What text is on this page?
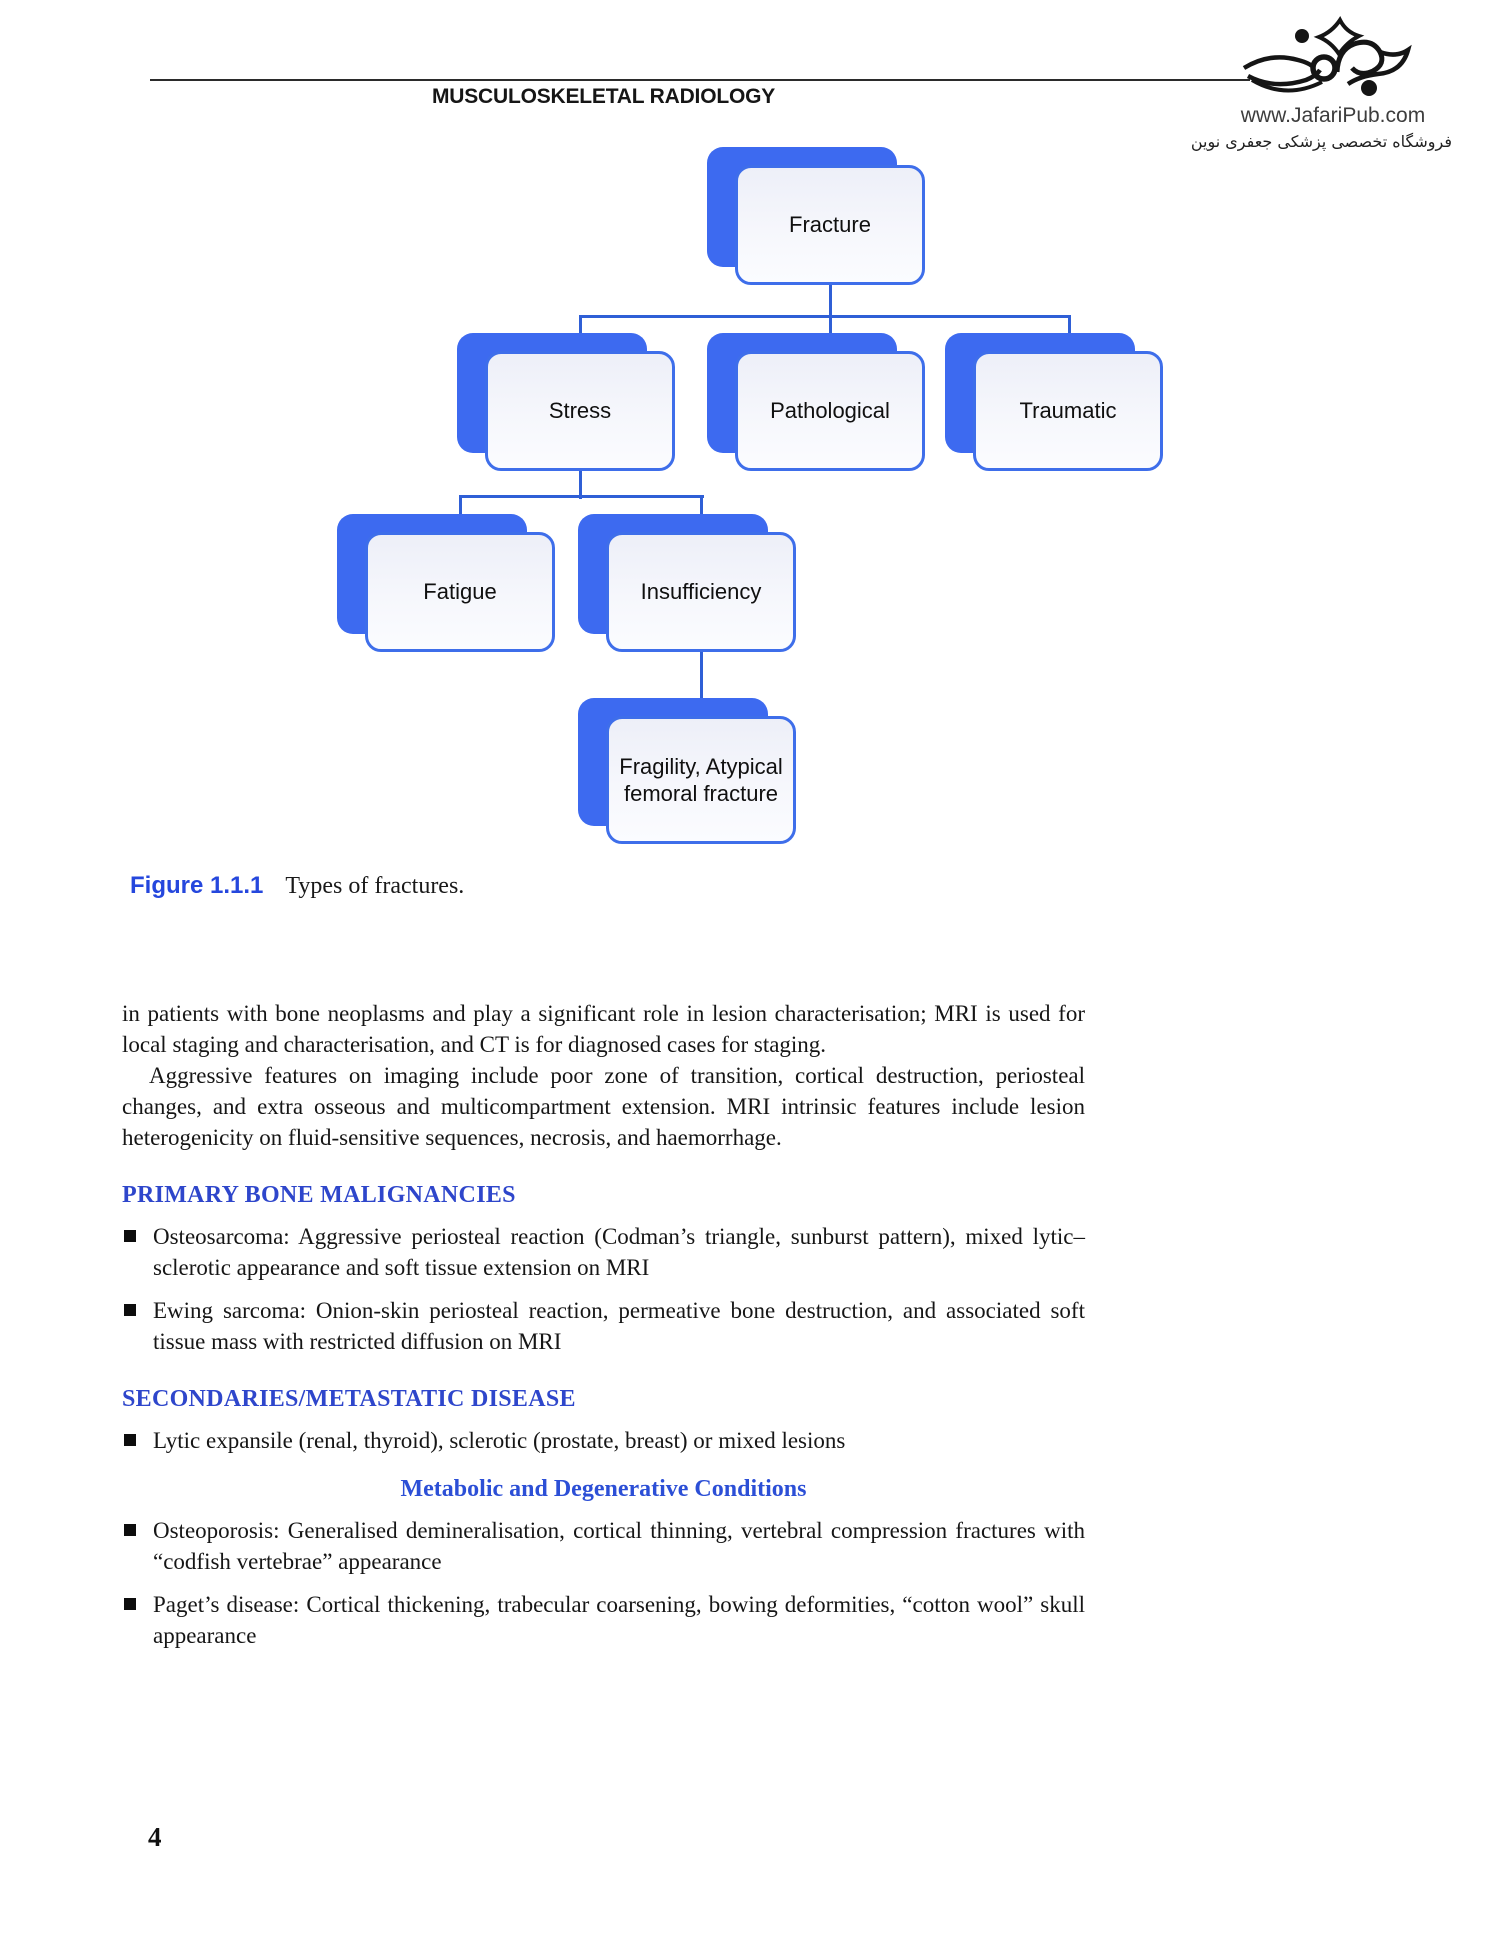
MUSCULOSKELETAL RADIOLOGY
www.JafariPub.com
فروشگاه تخصصی پزشکی جعفری نوین
Fracture
Stress	Pathological	Traumatic
Fatigue	Insufficiency
Fragility, Atypical femoral fracture
Figure 1.1.1 Types of fractures.

in patients with bone neoplasms and play a significant role in lesion characterisation; MRI is used for local staging and characterisation, and CT is for diagnosed cases for staging.

Aggressive features on imaging include poor zone of transition, cortical destruction, periosteal changes, and extra osseous and multicompartment extension. MRI intrinsic features include lesion heterogenicity on fluid-sensitive sequences, necrosis, and haemorrhage.

PRIMARY BONE MALIGNANCIES

Osteosarcoma: Aggressive periosteal reaction (Codman’s triangle, sunburst pattern), mixed lytic–sclerotic appearance and soft tissue extension on MRI

Ewing sarcoma: Onion-skin periosteal reaction, permeative bone destruction, and associated soft tissue mass with restricted diffusion on MRI

SECONDARIES/METASTATIC DISEASE

Lytic expansile (renal, thyroid), sclerotic (prostate, breast) or mixed lesions

Metabolic and Degenerative Conditions

Osteoporosis: Generalised demineralisation, cortical thinning, vertebral compression fractures with “codfish vertebrae” appearance

Paget’s disease: Cortical thickening, trabecular coarsening, bowing deformities, “cotton wool” skull appearance

4
